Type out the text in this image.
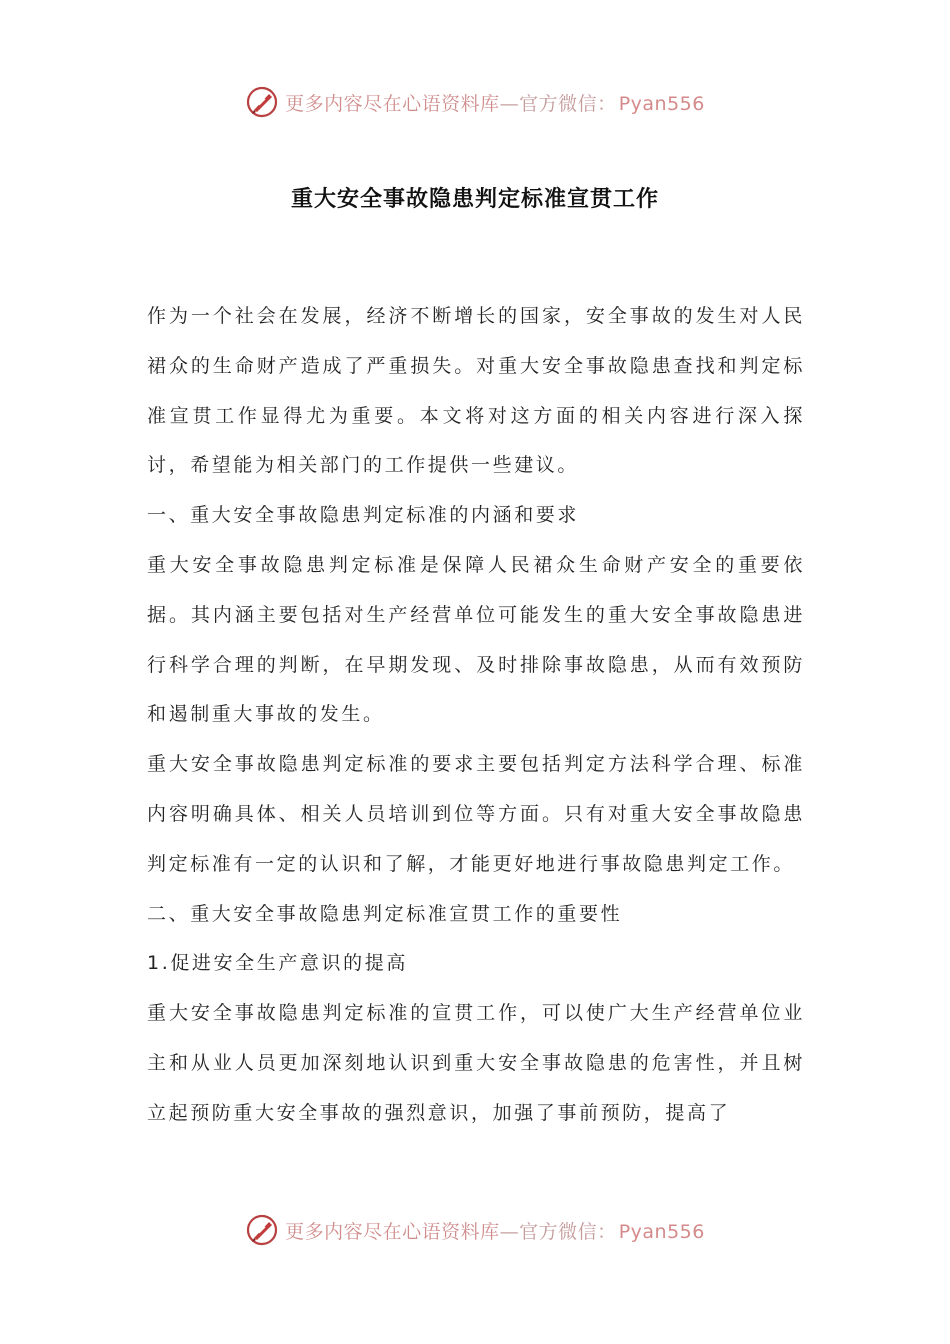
更多内容尽在心语资料库—官方微信： Pyan556
重大安全事故隐患判定标准宣贯工作

作为一个社会在发展，经济不断增长的国家，安全事故的发生对人民裙众的生命财产造成了严重损失。对重大安全事故隐患查找和判定标准宣贯工作显得尤为重要。本文将对这方面的相关内容进行深入探讨，希望能为相关部门的工作提供一些建议。

一、重大安全事故隐患判定标准的内涵和要求

重大安全事故隐患判定标准是保障人民裙众生命财产安全的重要依据。其内涵主要包括对生产经营单位可能发生的重大安全事故隐患进行科学合理的判断，在早期发现、及时排除事故隐患，从而有效预防和遏制重大事故的发生。

重大安全事故隐患判定标准的要求主要包括判定方法科学合理、标准内容明确具体、相关人员培训到位等方面。只有对重大安全事故隐患判定标准有一定的认识和了解，才能更好地进行事故隐患判定工作。

二、重大安全事故隐患判定标准宣贯工作的重要性

1.促进安全生产意识的提高

重大安全事故隐患判定标准的宣贯工作，可以使广大生产经营单位业主和从业人员更加深刻地认识到重大安全事故隐患的危害性，并且树立起预防重大安全事故的强烈意识，加强了事前预防，提高了

更多内容尽在心语资料库—官方微信： Pyan556
